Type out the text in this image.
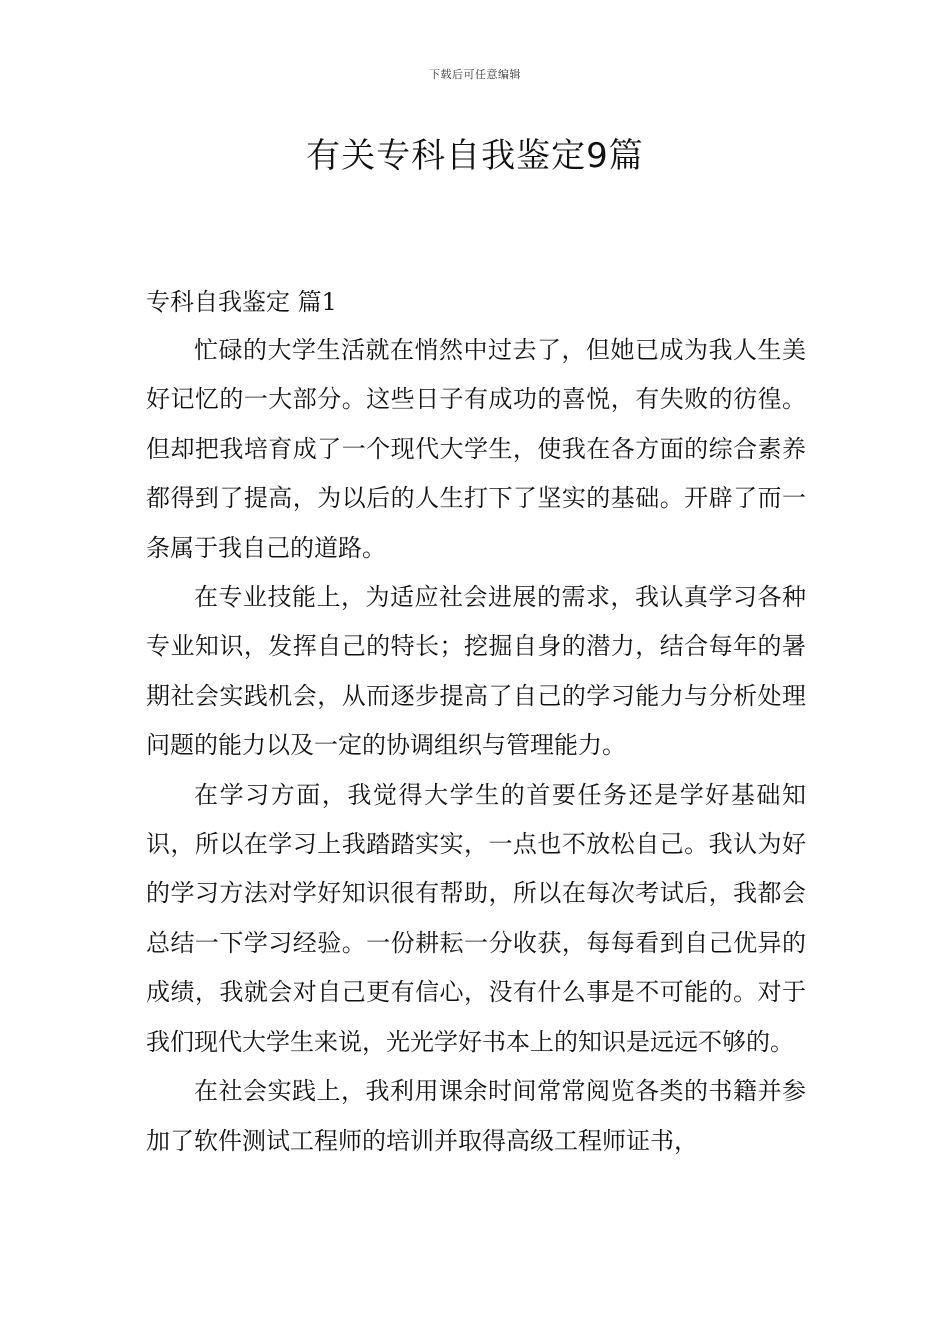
下载后可任意编辑
有关专科自我鉴定9篇
专科自我鉴定 篇1

忙碌的大学生活就在悄然中过去了，但她已成为我人生美好记忆的一大部分。这些日子有成功的喜悦，有失败的彷徨。但却把我培育成了一个现代大学生，使我在各方面的综合素养都得到了提高，为以后的人生打下了坚实的基础。开辟了而一条属于我自己的道路。

在专业技能上，为适应社会进展的需求，我认真学习各种专业知识，发挥自己的特长；挖掘自身的潜力，结合每年的暑期社会实践机会，从而逐步提高了自己的学习能力与分析处理问题的能力以及一定的协调组织与管理能力。

在学习方面，我觉得大学生的首要任务还是学好基础知识，所以在学习上我踏踏实实，一点也不放松自己。我认为好的学习方法对学好知识很有帮助，所以在每次考试后，我都会总结一下学习经验。一份耕耘一分收获，每每看到自己优异的成绩，我就会对自己更有信心，没有什么事是不可能的。对于我们现代大学生来说，光光学好书本上的知识是远远不够的。

在社会实践上，我利用课余时间常常阅览各类的书籍并参加了软件测试工程师的培训并取得高级工程师证书，
